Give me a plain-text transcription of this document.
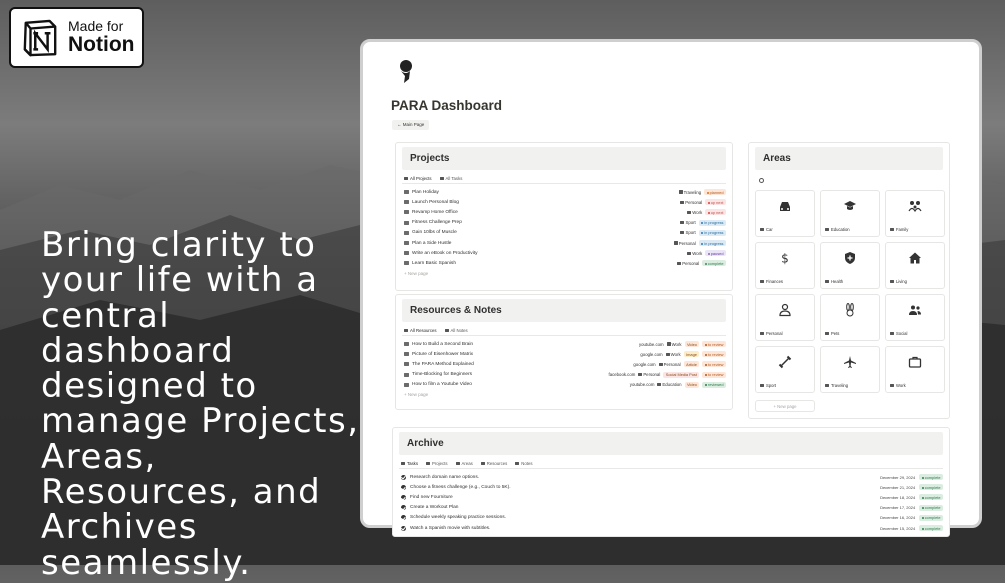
Made for
Notion
Bring clarity to your life with a central dashboard designed to manage Projects, Areas, Resources, and Archives seamlessly.
PARA Dashboard
← Main Page
Projects
All Projects	All Tasks
Plan Holiday	Traveling	planned
Launch Personal Blog	Personal	up next
Revamp Home Office	Work	up next
Fitness Challenge Prep	Sport	in progress
Gain 10lbs of Muscle	Sport	in progress
Plan a Side Hustle	Personal	in progress
Write an eBook on Productivity	Work	paused
Learn Basic Spanish	Personal	complete
+ New page
Resources & Notes
All Resources	All Notes
How to Build a Second Brain	youtube.com	Work	Video	to review
Picture of Eisenhower Matrix	google.com	Work	Image	to review
The PARA Method Explained	google.com	Personal	Article	to review
Time-Blocking for Beginners	facebook.com	Personal	Social Media Post	to review
How to film a Youtube Video	youtube.com	Education	Video	reviewed
+ New page
Areas
Car	Education	Family
$
Finances	Health	Living
Personal	Pets	Social
Sport	Traveling	Work
+ New page
Archive
Tasks	Projects	Areas	Resources	Notes
Research domain name options.	December 29, 2024	complete
Choose a fitness challenge (e.g., Couch to 5K).	December 21, 2024	complete
Find new Fourniture	December 18, 2024	complete
Create a Workout Plan	December 17, 2024	complete
Schedule weekly speaking practice sessions.	December 16, 2024	complete
Watch a Spanish movie with subtitles.	December 15, 2024	complete
